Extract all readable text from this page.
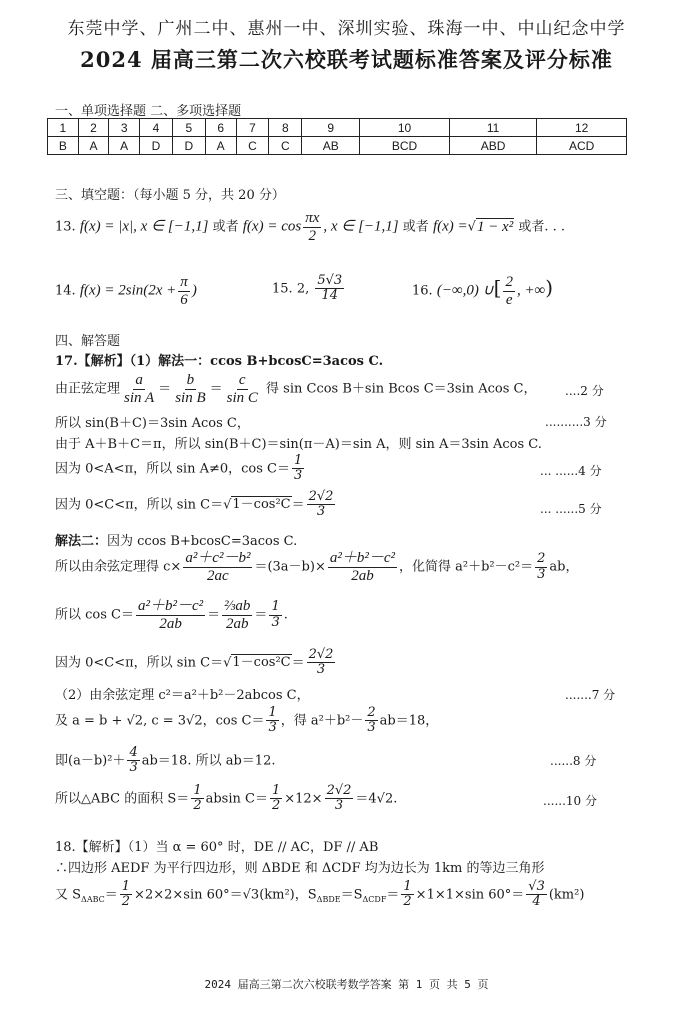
东莞中学、广州二中、惠州一中、深圳实验、珠海一中、中山纪念中学
2024 届高三第二次六校联考试题标准答案及评分标准
一、单项选择题 二、多项选择题
1	2	3	4	5	6	7	8	9	10	11	12
B	A	A	D	D	A	C	C	AB	BCD	ABD	ACD
三、填空题：（每小题 5 分，共 20 分）
13. f(x) = |x|, x ∈ [−1,1] 或者 $f(x) = \cos \frac{\pi x}{2}$ , x ∈ [−1,1] 或者 f(x) =√1 − x² 或者. . .
14. $f(x) = 2\sin(2x + \frac{\pi}{6}$ )	15. 2, $\frac{5√3}{14}$	16. (−∞,0) ∪[ $\frac{2}{e}$ , +∞)
四、解答题
17.【解析】（1）解法一：ccos B+bcosC=3acos C.
由正弦定理 $\frac{a}{\text{sin A}} = \frac{b}{\text{sin B}} = \frac{c}{\text{sin C}}$ 得 sin Ccos B＋sin Bcos C＝3sin Acos C， ....2 分
所以 sin(B＋C)＝3sin Acos C，	..........3 分
由于 A＋B＋C＝π，所以 sin(B＋C)＝sin(π－A)＝sin A，则 sin A＝3sin Acos C.
因为 0<A<π，所以 sin A≠0，$\cos C= \frac{1}{3}$	... ......4 分
因为 0<C<π，所以 $\sin C=√1-\cos^2C= \frac{2√2}{3}$	... ......5 分
解法二：因为 ccos B+bcosC=3acos C.
所以由余弦定理得 $c\times \frac{\text{a²＋c²－b²}}{2ac} =(3a-b)\times \frac{\text{a²＋b²－c²}}{2ab}$ ，化简得 $a^2+b^2-c^2= \frac{2}{3}$ ab，
所以 $\cos C= \frac{\text{a²＋b²－c²}}{2ab} = \frac{\text{⅔ab}}{2ab} = \frac{1}{3}$ .
因为 0<C<π，所以 $\sin C=√1-\cos^2C= \frac{2√2}{3}$
（2）由余弦定理 c²＝a²＋b²－2abcos C，	.......7 分
及 a = b + √2, c = 3√2，$\cos C= \frac{1}{3}$ ，得 $a^2+b^2- \frac{2}{3} ab=18$，
即$(a-b)^2+ \frac{4}{3} ab=18$. 所以 ab＝12.	......8 分
所以△ABC 的面积 $S= \frac{1}{2}$ absin $C= \frac{1}{2} \times 12\times \frac{2√2}{3} =4√2$.	......10 分
18.【解析】（1）当 α = 60° 时，DE // AC，DF // AB
∴四边形 AEDF 为平行四边形，则 ΔBDE 和 ΔCDF 均为边长为 1km 的等边三角形
又 $S_{\Delta ABC}= \frac{1}{2} \times 2\times 2\times\sin$ 60°＝√3(km²)，$S_{\Delta BDE}=S_{\Delta CDF}= \frac{1}{2} \times 1\times 1\times\sin$ $60^\circ= \frac{√3}{4} (km^2)$
2024 届高三第二次六校联考数学答案 第 1 页 共 5 页
